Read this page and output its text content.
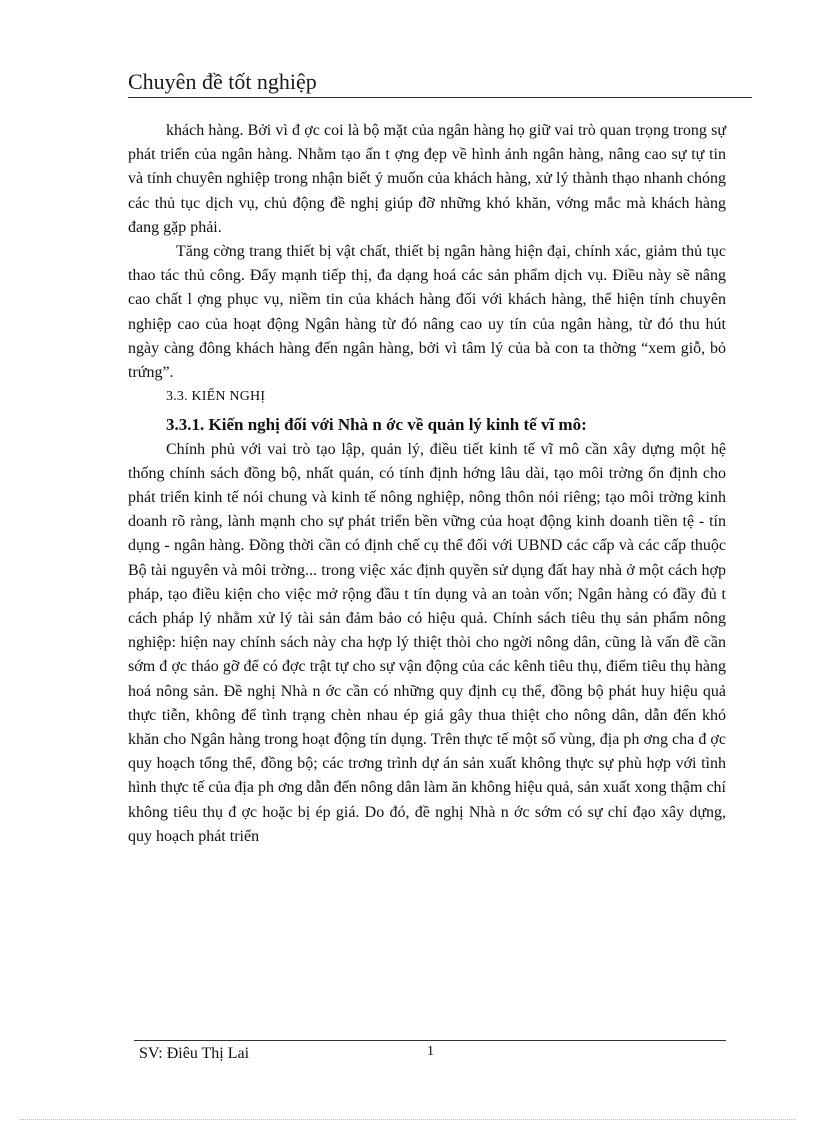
Chuyên đề tốt nghiệp

khách hàng. Bởi vì đ ợc coi là bộ mặt của ngân hàng họ giữ vai trò quan trọng trong sự phát triển của ngân hàng. Nhằm tạo ấn t ợng đẹp về hình ảnh ngân hàng, nâng cao sự tự tin và tính chuyên nghiệp trong nhận biết ý muốn của khách hàng, xử lý thành thạo nhanh chóng các thủ tục dịch vụ, chủ động đề nghị giúp đỡ những khó khăn, vớng mắc mà khách hàng đang gặp phải.

Tăng cờng trang thiết bị vật chất, thiết bị ngân hàng hiện đại, chính xác, giảm thủ tục thao tác thủ công. Đẩy mạnh tiếp thị, đa dạng hoá các sản phẩm dịch vụ. Điều này sẽ nâng cao chất l ợng phục vụ, niềm tin của khách hàng đối với khách hàng, thể hiện tính chuyên nghiệp cao của hoạt động Ngân hàng từ đó nâng cao uy tín của ngân hàng, từ đó thu hút ngày càng đông khách hàng đến ngân hàng, bởi vì tâm lý của bà con ta thờng “xem giỗ, bỏ trứng”.

3.3. KIẾN NGHỊ

3.3.1. Kiến nghị đối với Nhà n ớc về quản lý kinh tế vĩ mô:

Chính phủ với vai trò tạo lập, quản lý, điều tiết kinh tế vĩ mô cần xây dựng một hệ thống chính sách đồng bộ, nhất quán, có tính định hớng lâu dài, tạo môi trờng ổn định cho phát triển kinh tế nói chung và kinh tế nông nghiệp, nông thôn nói riêng; tạo môi trờng kinh doanh rõ ràng, lành mạnh cho sự phát triển bền vững của hoạt động kinh doanh tiền tệ - tín dụng - ngân hàng. Đồng thời cần có định chế cụ thể đối với UBND các cấp và các cấp thuộc Bộ tài nguyên và môi trờng... trong việc xác định quyền sử dụng đất hay nhà ở một cách hợp pháp, tạo điều kiện cho việc mở rộng đầu t tín dụng và an toàn vốn; Ngân hàng có đầy đủ t cách pháp lý nhằm xử lý tài sản đảm bảo có hiệu quả. Chính sách tiêu thụ sản phẩm nông nghiệp: hiện nay chính sách này cha hợp lý thiệt thòi cho ngời nông dân, cũng là vấn đề cần sớm đ ợc tháo gỡ để có đợc trật tự cho sự vận động của các kênh tiêu thụ, điểm tiêu thụ hàng hoá nông sản. Đề nghị Nhà n ớc cần có những quy định cụ thể, đồng bộ phát huy hiệu quả thực tiễn, không để tình trạng chèn nhau ép giá gây thua thiệt cho nông dân, dẫn đến khó khăn cho Ngân hàng trong hoạt động tín dụng. Trên thực tế một số vùng, địa ph ơng cha đ ợc quy hoạch tổng thể, đồng bộ; các trơng trình dự án sản xuất không thực sự phù hợp với tình hình thực tế của địa ph ơng dẫn đến nông dân làm ăn không hiệu quả, sản xuất xong thậm chí không tiêu thụ đ ợc hoặc bị ép giá. Do đó, đề nghị Nhà n ớc sớm có sự chỉ đạo xây dựng, quy hoạch phát triển

SV: Điêu Thị Lai	1
